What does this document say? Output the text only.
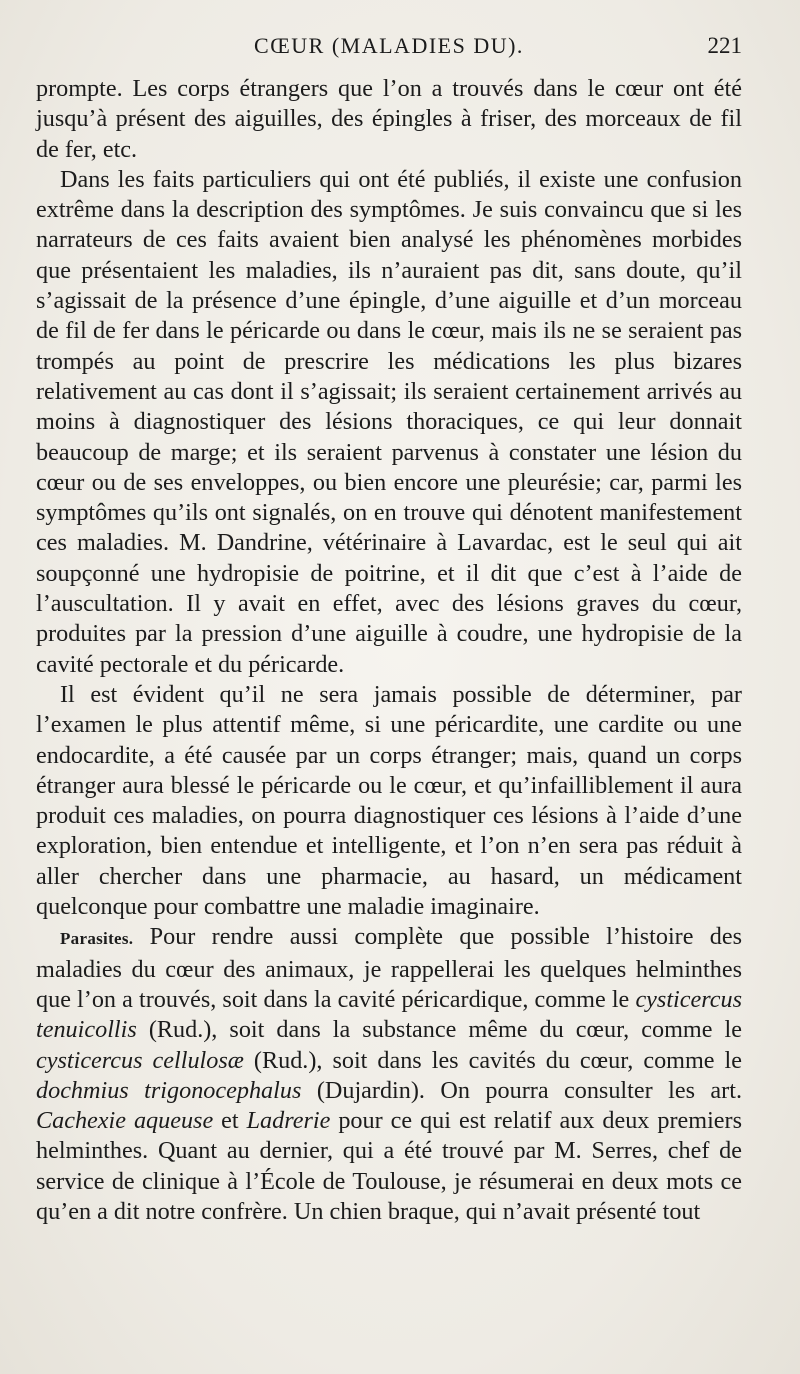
CŒUR (MALADIES DU).	221

prompte. Les corps étrangers que l’on a trouvés dans le cœur ont été jusqu’à présent des aiguilles, des épingles à friser, des morceaux de fil de fer, etc.

Dans les faits particuliers qui ont été publiés, il existe une confusion extrême dans la description des symptômes. Je suis convaincu que si les narrateurs de ces faits avaient bien analysé les phénomènes morbides que présentaient les maladies, ils n’auraient pas dit, sans doute, qu’il s’agissait de la présence d’une épingle, d’une aiguille et d’un morceau de fil de fer dans le péricarde ou dans le cœur, mais ils ne se seraient pas trompés au point de prescrire les médications les plus bizares relativement au cas dont il s’agissait; ils seraient certainement arrivés au moins à diagnostiquer des lésions thoraciques, ce qui leur donnait beaucoup de marge; et ils seraient parvenus à constater une lésion du cœur ou de ses enveloppes, ou bien encore une pleurésie; car, parmi les symptômes qu’ils ont signalés, on en trouve qui dénotent manifestement ces maladies. M. Dandrine, vétérinaire à Lavardac, est le seul qui ait soupçonné une hydropisie de poitrine, et il dit que c’est à l’aide de l’auscultation. Il y avait en effet, avec des lésions graves du cœur, produites par la pression d’une aiguille à coudre, une hydropisie de la cavité pectorale et du péricarde.

Il est évident qu’il ne sera jamais possible de déterminer, par l’examen le plus attentif même, si une péricardite, une cardite ou une endocardite, a été causée par un corps étranger; mais, quand un corps étranger aura blessé le péricarde ou le cœur, et qu’infailliblement il aura produit ces maladies, on pourra diagnostiquer ces lésions à l’aide d’une exploration, bien entendue et intelligente, et l’on n’en sera pas réduit à aller chercher dans une pharmacie, au hasard, un médicament quelconque pour combattre une maladie imaginaire.

Parasites. Pour rendre aussi complète que possible l’histoire des maladies du cœur des animaux, je rappellerai les quelques helminthes que l’on a trouvés, soit dans la cavité péricardique, comme le cysticercus tenuicollis (Rud.), soit dans la substance même du cœur, comme le cysticercus cellulosæ (Rud.), soit dans les cavités du cœur, comme le dochmius trigonocephalus (Dujardin). On pourra consulter les art. Cachexie aqueuse et Ladrerie pour ce qui est relatif aux deux premiers helminthes. Quant au dernier, qui a été trouvé par M. Serres, chef de service de clinique à l’École de Toulouse, je résumerai en deux mots ce qu’en a dit notre confrère. Un chien braque, qui n’avait présenté tout
